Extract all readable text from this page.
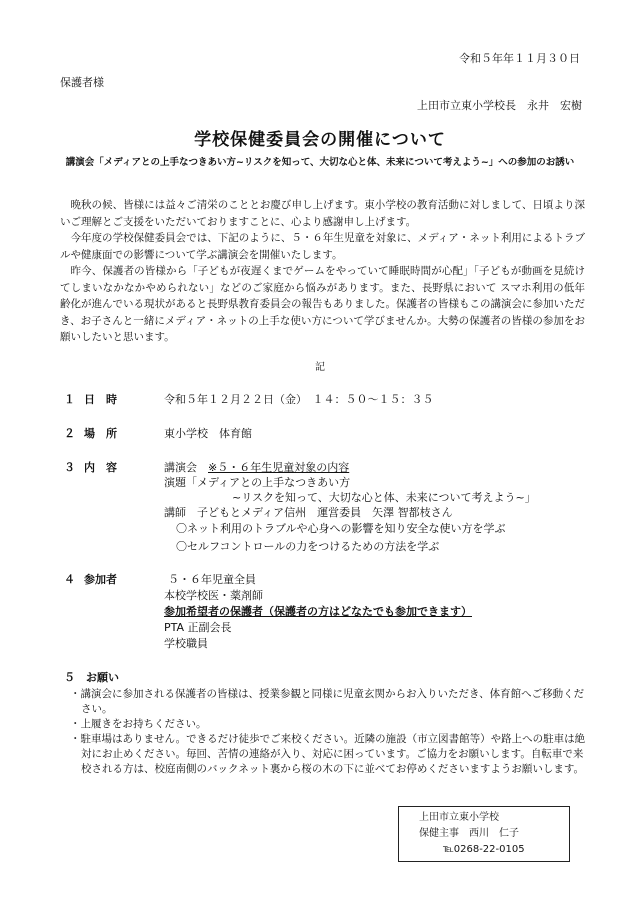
令和５年年１１月３０日
保護者様
上田市立東小学校長　永井　宏樹
学校保健委員会の開催について
講演会「メディアとの上手なつきあい方~リスクを知って、大切な心と体、未来について考えよう~」への参加のお誘い

晩秋の候、皆様には益々ご清栄のこととお慶び申し上げます。東小学校の教育活動に対しまして、日頃より深いご理解とご支援をいただいておりますことに、心より感謝申し上げます。

今年度の学校保健委員会では、下記のように、５・６年生児童を対象に、メディア・ネット利用によるトラブルや健康面での影響について学ぶ講演会を開催いたします。

昨今、保護者の皆様から「子どもが夜遅くまでゲームをやっていて睡眠時間が心配」「子どもが動画を見続けてしまいなかなかやめられない」などのご家庭から悩みがあります。また、長野県において スマホ利用の低年齢化が進んでいる現状があると長野県教育委員会の報告もありました。保護者の皆様もこの講演会に参加いただき、お子さんと一緒にメディア・ネットの上手な使い方について学びませんか。大勢の保護者の皆様の参加をお願いしたいと思います。

記
１ 日　時	令和５年１２月２２日（金）　１４：５０～１５：３５
２ 場　所	東小学校　体育館
３ 内　容	講演会　※５・６年生児童対象の内容
演題「メディアとの上手なつきあい方
~リスクを知って、大切な心と体、未来について考えよう~」
講師　子どもとメディア信州　運営委員　矢澤 智都枝さん
〇ネット利用のトラブルや心身への影響を知り安全な使い方を学ぶ
〇セルフコントロールの力をつけるための方法を学ぶ
４ 参加者	５・６年児童全員
本校学校医・薬剤師
参加希望者の保護者（保護者の方はどなたでも参加できます）
PTA 正副会長
学校職員
５　お願い
・講演会に参加される保護者の皆様は、授業参観と同様に児童玄関からお入りいただき、体育館へご移動ください。
・上履きをお持ちください。
・駐車場はありません。できるだけ徒歩でご来校ください。近隣の施設（市立図書館等）や路上への駐車は絶対にお止めください。毎回、苦情の連絡が入り、対応に困っています。ご協力をお願いします。自転車で来校される方は、校庭南側のバックネット裏から桜の木の下に並べてお停めくださいますようお願いします。
上田市立東小学校
保健主事　西川　仁子
℡0268-22-0105
